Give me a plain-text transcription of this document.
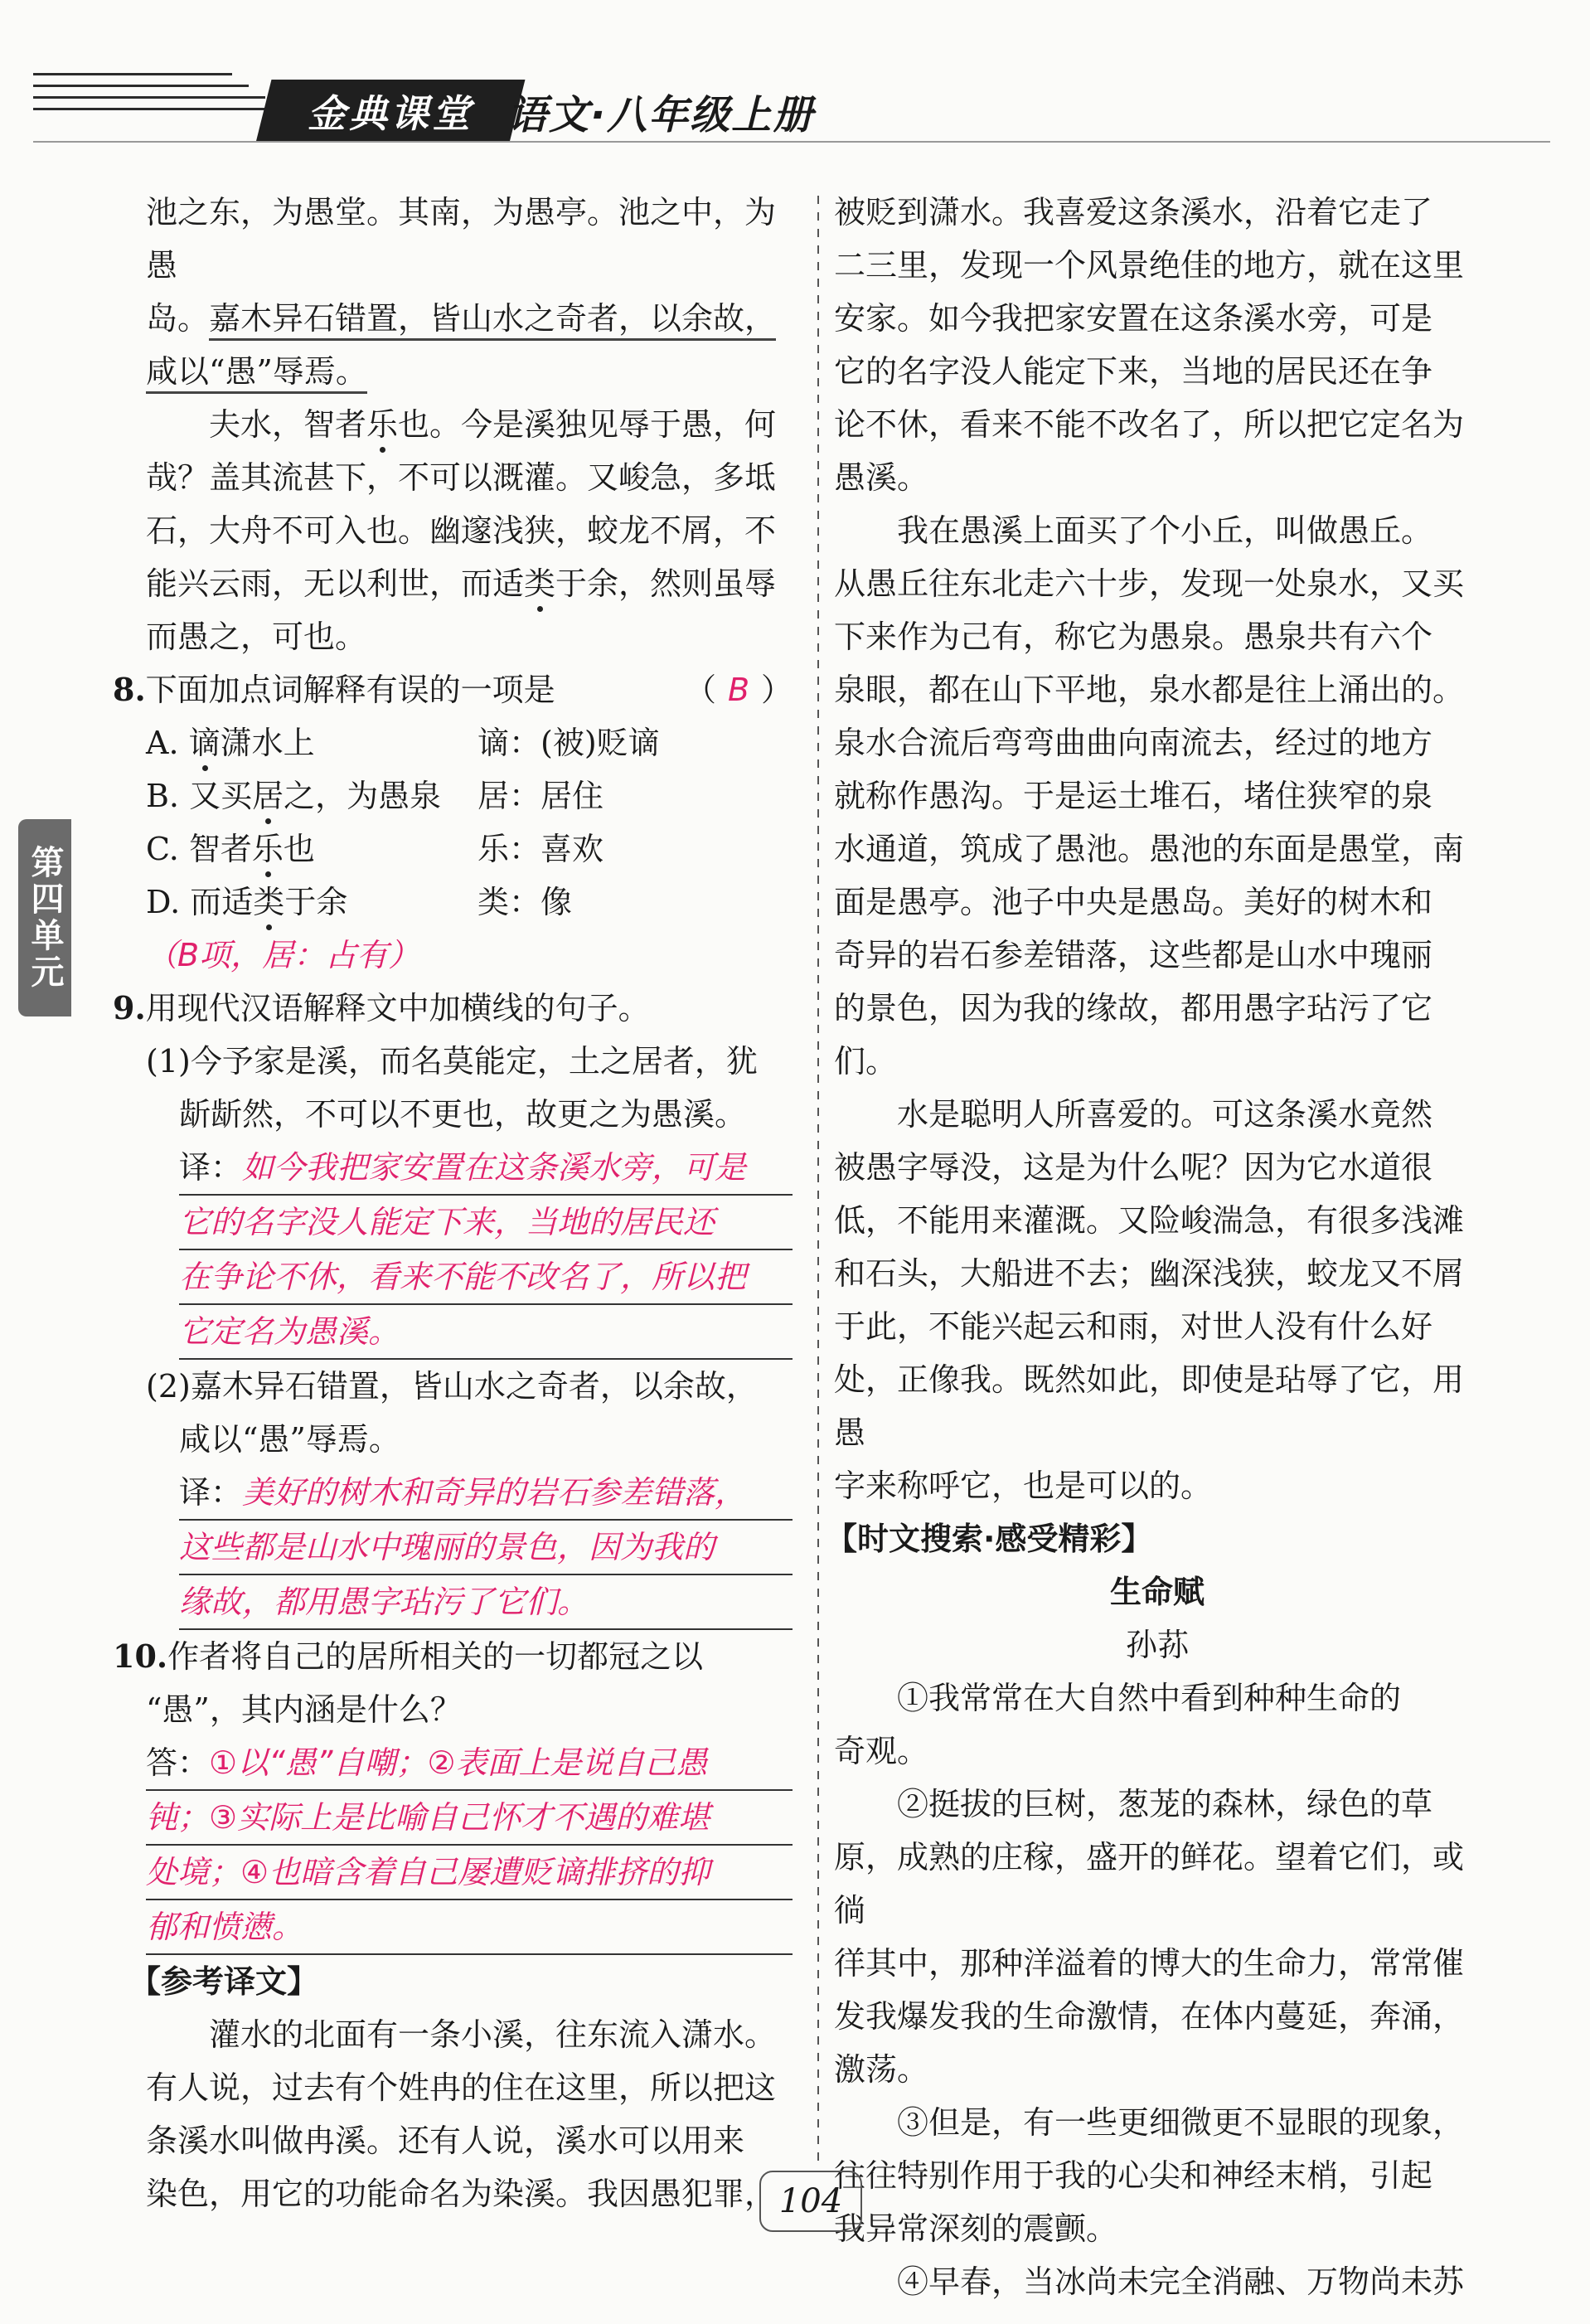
金典课堂 语文·八年级上册
第四单元

池之东，为愚堂。其南，为愚亭。池之中，为愚

岛。嘉木异石错置，皆山水之奇者，以余故，

咸以“愚”辱焉。

夫水，智者乐也。今是溪独见辱于愚，何

哉？盖其流甚下，不可以溉灌。又峻急，多坻

石，大舟不可入也。幽邃浅狭，蛟龙不屑，不

能兴云雨，无以利世，而适类于余，然则虽辱

而愚之，可也。

8. 下面加点词解释有误的一项是	（ B ）

A. 谪潇水上	谪：(被)贬谪
B. 又买居之，为愚泉	居：居住
C. 智者乐也	乐：喜欢
D. 而适类于余	类：像

（B项，居：占有）

9.用现代汉语解释文中加横线的句子。

(1)今予家是溪，而名莫能定，土之居者，犹

龂龂然，不可以不更也，故更之为愚溪。

译：如今我把家安置在这条溪水旁，可是

它的名字没人能定下来，当地的居民还

在争论不休，看来不能不改名了，所以把

它定名为愚溪。

(2)嘉木异石错置，皆山水之奇者，以余故，

咸以“愚”辱焉。

译：美好的树木和奇异的岩石参差错落，

这些都是山水中瑰丽的景色，因为我的

缘故，都用愚字玷污了它们。

10.作者将自己的居所相关的一切都冠之以

“愚”，其内涵是什么？

答：①以“愚”自嘲；②表面上是说自己愚

钝；③实际上是比喻自己怀才不遇的难堪

处境；④也暗含着自己屡遭贬谪排挤的抑

郁和愤懑。

【参考译文】

灌水的北面有一条小溪，往东流入潇水。

有人说，过去有个姓冉的住在这里，所以把这

条溪水叫做冉溪。还有人说，溪水可以用来

染色，用它的功能命名为染溪。我因愚犯罪，

被贬到潇水。我喜爱这条溪水，沿着它走了

二三里，发现一个风景绝佳的地方，就在这里

安家。如今我把家安置在这条溪水旁，可是

它的名字没人能定下来，当地的居民还在争

论不休，看来不能不改名了，所以把它定名为

愚溪。

我在愚溪上面买了个小丘，叫做愚丘。

从愚丘往东北走六十步，发现一处泉水，又买

下来作为己有，称它为愚泉。愚泉共有六个

泉眼，都在山下平地，泉水都是往上涌出的。

泉水合流后弯弯曲曲向南流去，经过的地方

就称作愚沟。于是运土堆石，堵住狭窄的泉

水通道，筑成了愚池。愚池的东面是愚堂，南

面是愚亭。池子中央是愚岛。美好的树木和

奇异的岩石参差错落，这些都是山水中瑰丽

的景色，因为我的缘故，都用愚字玷污了它们。

水是聪明人所喜爱的。可这条溪水竟然

被愚字辱没，这是为什么呢？因为它水道很

低，不能用来灌溉。又险峻湍急，有很多浅滩

和石头，大船进不去；幽深浅狭，蛟龙又不屑

于此，不能兴起云和雨，对世人没有什么好

处，正像我。既然如此，即使是玷辱了它，用愚

字来称呼它，也是可以的。

【时文搜索·感受精彩】

生命赋

孙荪

①我常常在大自然中看到种种生命的

奇观。

②挺拔的巨树，葱茏的森林，绿色的草

原，成熟的庄稼，盛开的鲜花。望着它们，或徜

徉其中，那种洋溢着的博大的生命力，常常催

发我爆发我的生命激情，在体内蔓延，奔涌，

激荡。

③但是，有一些更细微更不显眼的现象，

往往特别作用于我的心尖和神经末梢，引起

我异常深刻的震颤。

④早春，当冰尚未完全消融、万物尚未苏

104
